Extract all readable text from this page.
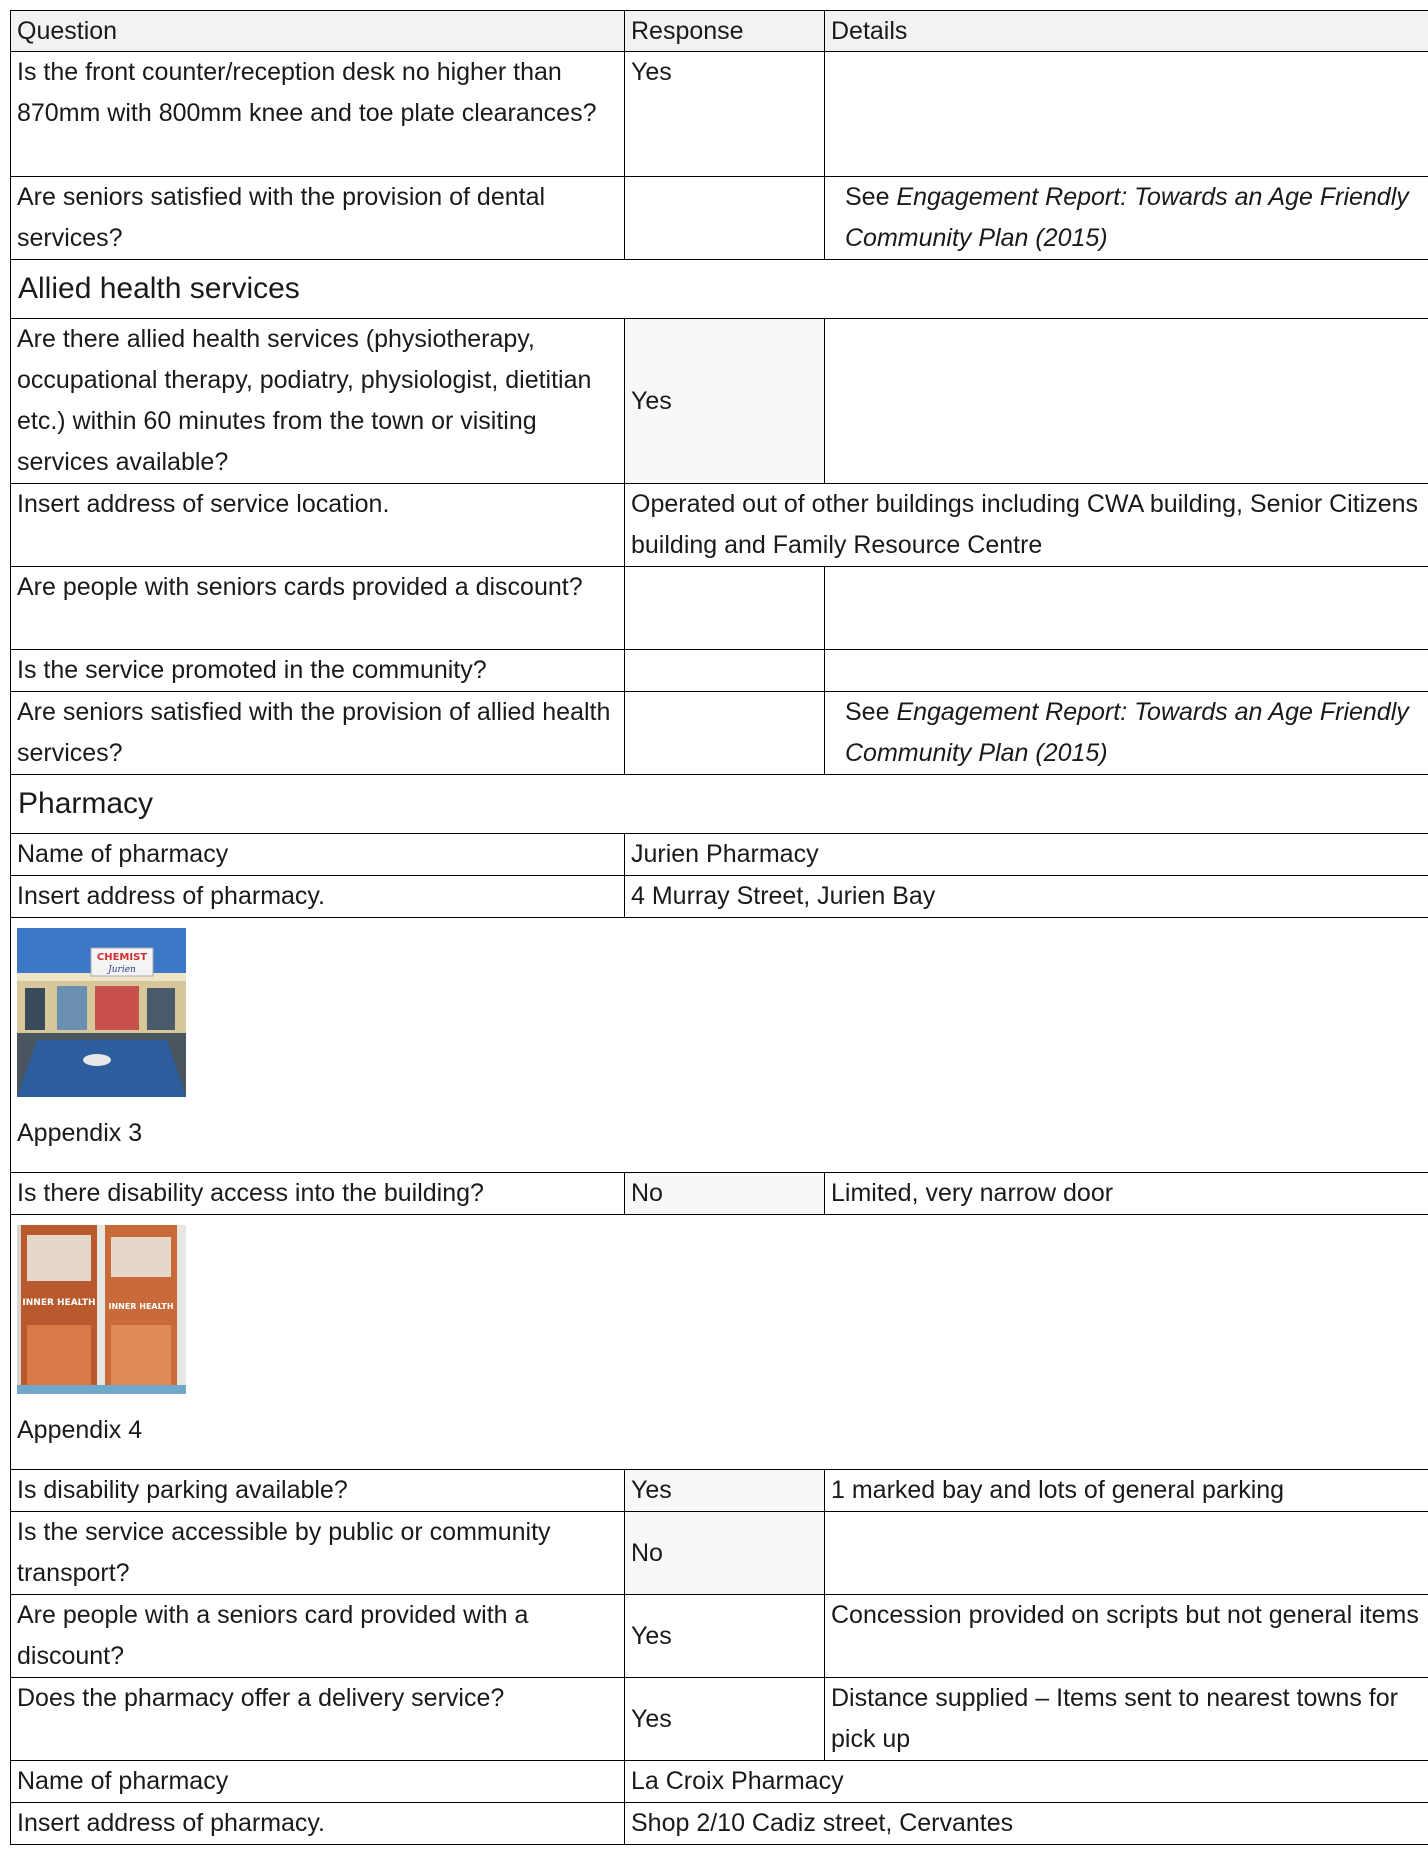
Question	Response	Details
Is the front counter/reception desk no higher than 870mm with 800mm knee and toe plate clearances?	Yes	
Are seniors satisfied with the provision of dental services?		See Engagement Report: Towards an Age Friendly Community Plan (2015)
Allied health services		
Are there allied health services (physiotherapy, occupational therapy, podiatry, physiologist, dietitian etc.) within 60 minutes from the town or visiting services available?	Yes	
Insert address of service location.	Operated out of other buildings including CWA building, Senior Citizens building and Family Resource Centre	
Are people with seniors cards provided a discount?		
Is the service promoted in the community?		
Are seniors satisfied with the provision of allied health services?		See Engagement Report: Towards an Age Friendly Community Plan (2015)
Pharmacy		
Name of pharmacy	Jurien Pharmacy	
Insert address of pharmacy.	4 Murray Street, Jurien Bay	

CHEMIST
Jurien
Appendix 3		

Is there disability access into the building?	No	Limited, very narrow door

INNER HEALTH INNER HEALTH
Appendix 4		

Is disability parking available?	Yes	1 marked bay and lots of general parking
Is the service accessible by public or community transport?	No	
Are people with a seniors card provided with a discount?	Yes	Concession provided on scripts but not general items
Does the pharmacy offer a delivery service?	Yes	Distance supplied – Items sent to nearest towns for pick up
Name of pharmacy	La Croix Pharmacy	
Insert address of pharmacy.	Shop 2/10 Cadiz street, Cervantes	
